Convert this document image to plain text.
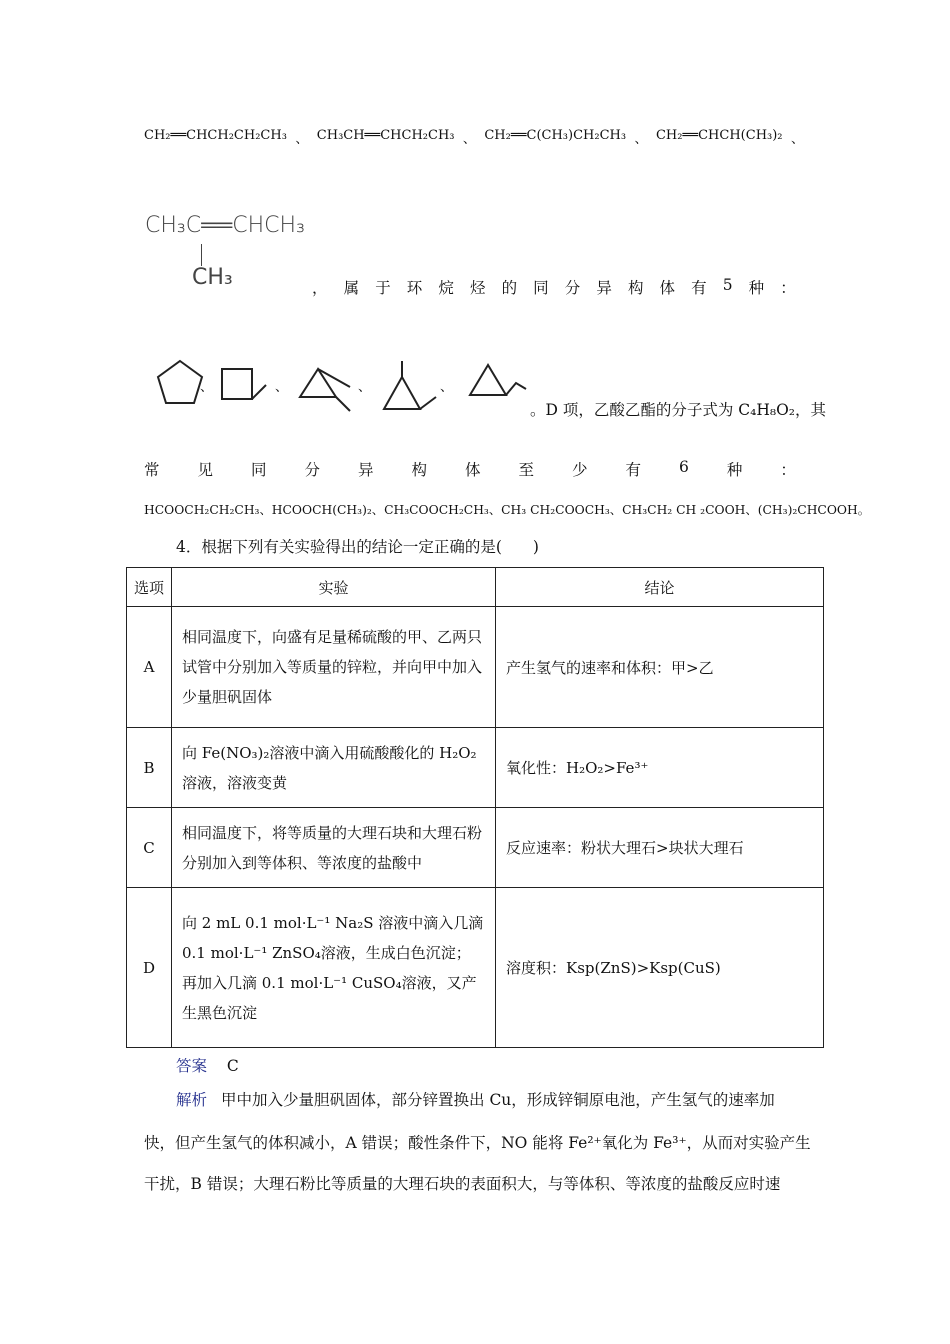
CH₂══CHCH₂CH₂CH₃ 、 CH₃CH══CHCH₂CH₃ 、 CH₂══C(CH₃)CH₂CH₃ 、 CH₂══CHCH(CH₃)₂ 、
CH₃C══CHCH₃
CH₃	， 属 于 环 烷 烃 的 同 分 异 构 体 有 5 种 ：
、	、	、	、
。D 项，乙酸乙酯的分子式为 C₄H₈O₂，其
常 见 同 分 异 构 体 至 少 有 6 种 ：
HCOOCH₂CH₂CH₃、HCOOCH(CH₃)₂、CH₃COOCH₂CH₃、CH₃ CH₂COOCH₃、CH₃CH₂ CH ₂COOH、(CH₃)₂CHCOOH。
4．根据下列有关实验得出的结论一定正确的是(　　)
选项	实验	结论
A	相同温度下，向盛有足量稀硫酸的甲、乙两只试管中分别加入等质量的锌粒，并向甲中加入少量胆矾固体	产生氢气的速率和体积：甲>乙
B	向 Fe(NO₃)₂溶液中滴入用硫酸酸化的 H₂O₂溶液，溶液变黄	氧化性：H₂O₂>Fe³⁺
C	相同温度下，将等质量的大理石块和大理石粉分别加入到等体积、等浓度的盐酸中	反应速率：粉状大理石>块状大理石
D	向 2 mL 0.1 mol·L⁻¹ Na₂S 溶液中滴入几滴 0.1 mol·L⁻¹ ZnSO₄溶液，生成白色沉淀；再加入几滴 0.1 mol·L⁻¹ CuSO₄溶液，又产生黑色沉淀	溶度积：Ksp(ZnS)>Ksp(CuS)
答案 C
解析 甲中加入少量胆矾固体，部分锌置换出 Cu，形成锌铜原电池，产生氢气的速率加
快，但产生氢气的体积减小，A 错误；酸性条件下，NO 能将 Fe²⁺氧化为 Fe³⁺，从而对实验产生
干扰，B 错误；大理石粉比等质量的大理石块的表面积大，与等体积、等浓度的盐酸反应时速
